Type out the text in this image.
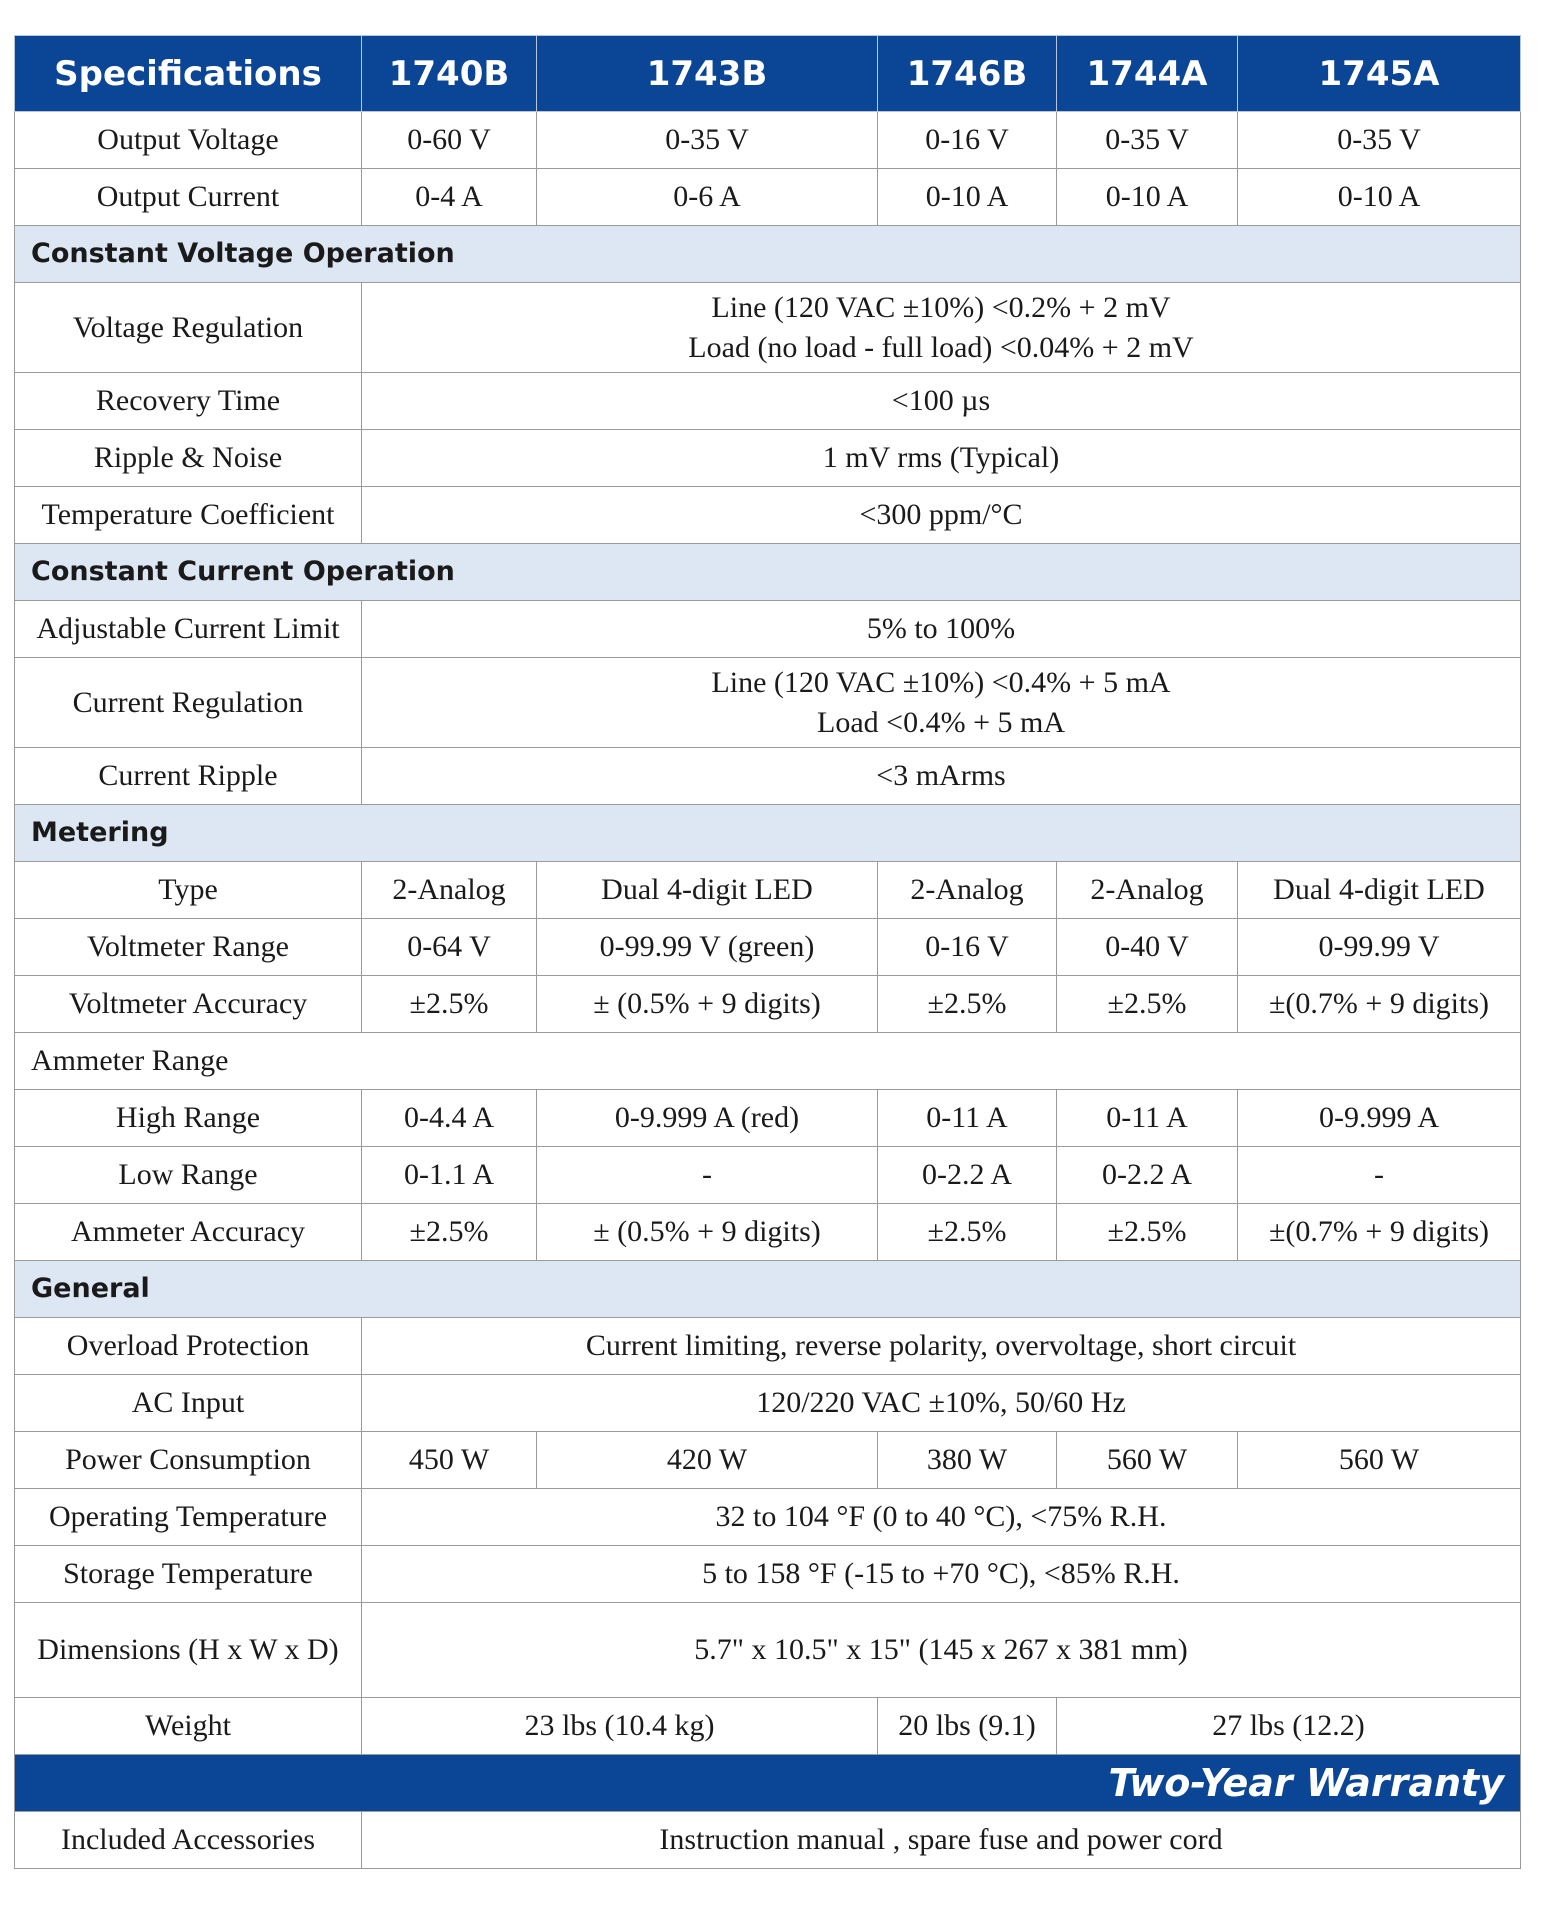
Specifications	1740B	1743B	1746B	1744A	1745A
Output Voltage	0-60 V	0-35 V	0-16 V	0-35 V	0-35 V
Output Current	0-4 A	0-6 A	0-10 A	0-10 A	0-10 A
Constant Voltage Operation					
Voltage Regulation	Line (120 VAC ±10%) <0.2% + 2 mV
Load (no load - full load) <0.04% + 2 mV				

Recovery Time	<100 µs				
Ripple & Noise	1 mV rms (Typical)				
Temperature Coefficient	<300 ppm/°C				
Constant Current Operation					
Adjustable Current Limit	5% to 100%				
Current Regulation	Line (120 VAC ±10%) <0.4% + 5 mA
Load <0.4% + 5 mA				

Current Ripple	<3 mArms				
Metering					
Type	2-Analog	Dual 4-digit LED	2-Analog	2-Analog	Dual 4-digit LED
Voltmeter Range	0-64 V	0-99.99 V (green)	0-16 V	0-40 V	0-99.99 V
Voltmeter Accuracy	±2.5%	± (0.5% + 9 digits)	±2.5%	±2.5%	±(0.7% + 9 digits)
Ammeter Range					
High Range	0-4.4 A	0-9.999 A (red)	0-11 A	0-11 A	0-9.999 A
Low Range	0-1.1 A	-	0-2.2 A	0-2.2 A	-
Ammeter Accuracy	±2.5%	± (0.5% + 9 digits)	±2.5%	±2.5%	±(0.7% + 9 digits)
General					
Overload Protection	Current limiting, reverse polarity, overvoltage, short circuit				
AC Input	120/220 VAC ±10%, 50/60 Hz				
Power Consumption	450 W	420 W	380 W	560 W	560 W
Operating Temperature	32 to 104 °F (0 to 40 °C), <75% R.H.				
Storage Temperature	5 to 158 °F (-15 to +70 °C), <85% R.H.				
Dimensions (H x W x D)	5.7" x 10.5" x 15" (145 x 267 x 381 mm)				
Weight	23 lbs (10.4 kg)		20 lbs (9.1)	27 lbs (12.2)	
Two-Year Warranty					
Included Accessories	Instruction manual , spare fuse and power cord				
